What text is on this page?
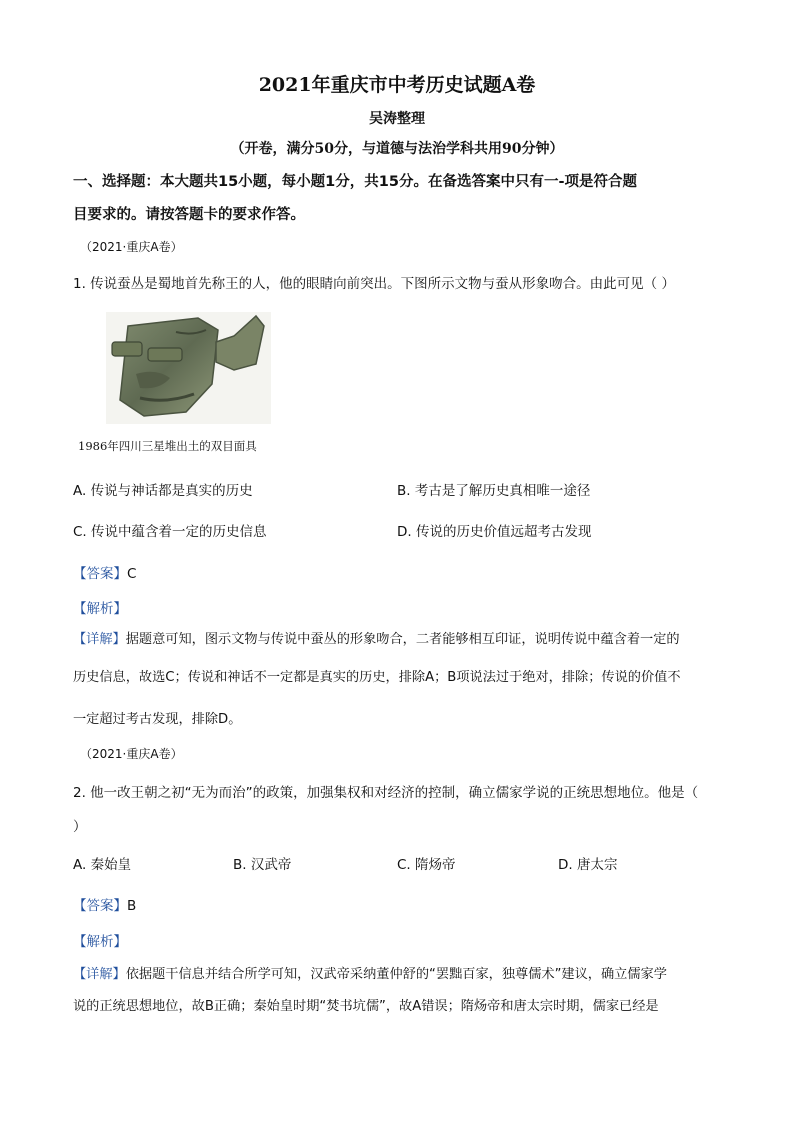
2021年重庆市中考历史试题A卷
吴涛整理
（开卷，满分50分，与道德与法治学科共用90分钟）
一、选择题：本大题共15小题，每小题1分，共15分。在备选答案中只有一-项是符合题
目要求的。请按答题卡的要求作答。
（2021·重庆A卷）
1. 传说蚕丛是蜀地首先称王的人，他的眼睛向前突出。下图所示文物与蚕从形象吻合。由此可见（ ）
1986年四川三星堆出土的双目面具
A. 传说与神话都是真实的历史	B. 考古是了解历史真相唯一途径
C. 传说中蕴含着一定的历史信息	D. 传说的历史价值远超考古发现
【答案】C
【解析】
【详解】据题意可知，图示文物与传说中蚕丛的形象吻合，二者能够相互印证，说明传说中蕴含着一定的
历史信息，故选C；传说和神话不一定都是真实的历史，排除A；B项说法过于绝对，排除；传说的价值不
一定超过考古发现，排除D。
（2021·重庆A卷）
2. 他一改王朝之初“无为而治”的政策，加强集权和对经济的控制，确立儒家学说的正统思想地位。他是（
）
A. 秦始皇	B. 汉武帝	C. 隋炀帝	D. 唐太宗
【答案】B
【解析】
【详解】依据题干信息并结合所学可知，汉武帝采纳董仲舒的“罢黜百家，独尊儒术”建议，确立儒家学
说的正统思想地位，故B正确；秦始皇时期“焚书坑儒”，故A错误；隋炀帝和唐太宗时期，儒家已经是
